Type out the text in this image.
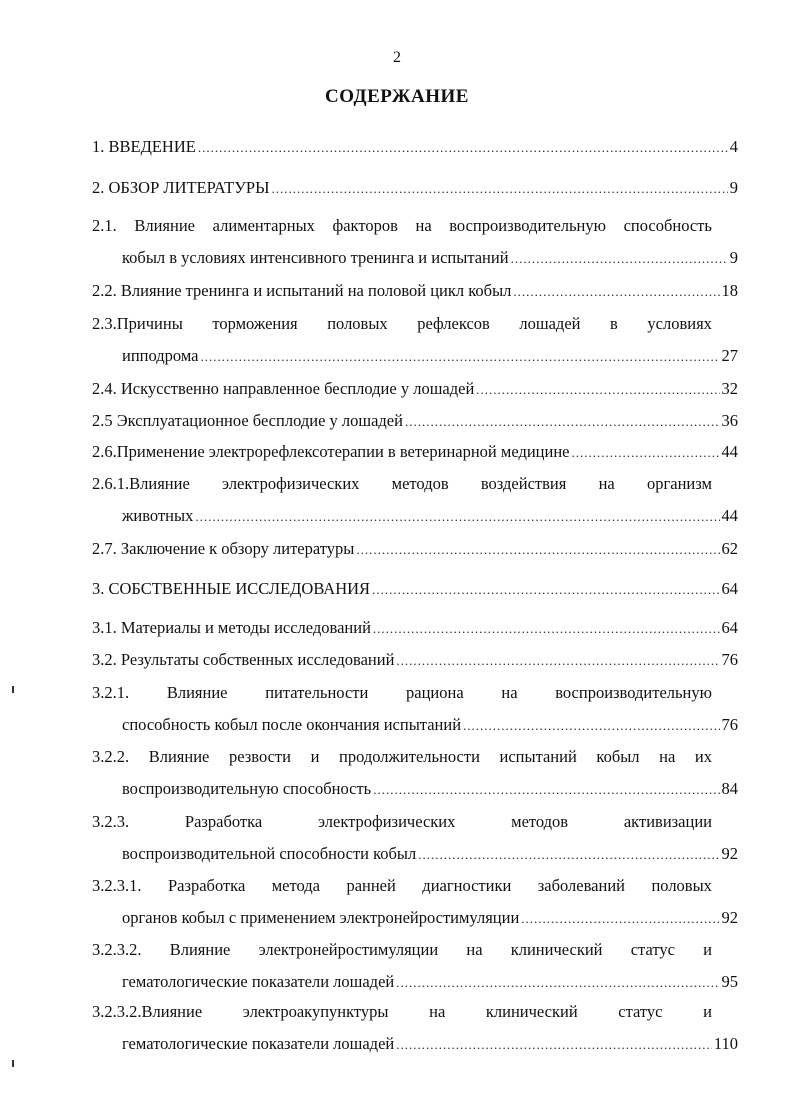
2
СОДЕРЖАНИЕ
1. ВВЕДЕНИЕ .....	4
2. ОБЗОР ЛИТЕРАТУРЫ .....	9
2.1. Влияние алиментарных факторов на воспроизводительную способность
кобыл в условиях интенсивного тренинга и испытаний .....	9
2.2. Влияние тренинга и испытаний на половой цикл кобыл .....	18
2.3.Причины торможения половых рефлексов лошадей в условиях
ипподрома .....	27
2.4. Искусственно направленное бесплодие у лошадей .....	32
2.5 Эксплуатационное бесплодие у лошадей .....	36
2.6.Применение электрорефлексотерапии в ветеринарной медицине .....	44
2.6.1.Влияние электрофизических методов воздействия на организм
животных .....	44
2.7. Заключение к обзору литературы .....	62
3. СОБСТВЕННЫЕ ИССЛЕДОВАНИЯ .....	64
3.1. Материалы и методы исследований .....	64
3.2. Результаты собственных исследований .....	76
3.2.1. Влияние питательности рациона на воспроизводительную
способность кобыл после окончания испытаний .....	76
3.2.2. Влияние резвости и продолжительности испытаний кобыл на их
воспроизводительную способность .....	84
3.2.3.	Разработка	электрофизических	методов	активизации
воспроизводительной способности кобыл .....	92
3.2.3.1. Разработка метода ранней диагностики заболеваний половых
органов кобыл с применением электронейростимуляции .....	92
3.2.3.2. Влияние электронейростимуляции на клинический статус и
гематологические показатели лошадей .....	95
3.2.3.2.Влияние электроакупунктуры на клинический статус и
гематологические показатели лошадей .....	110
